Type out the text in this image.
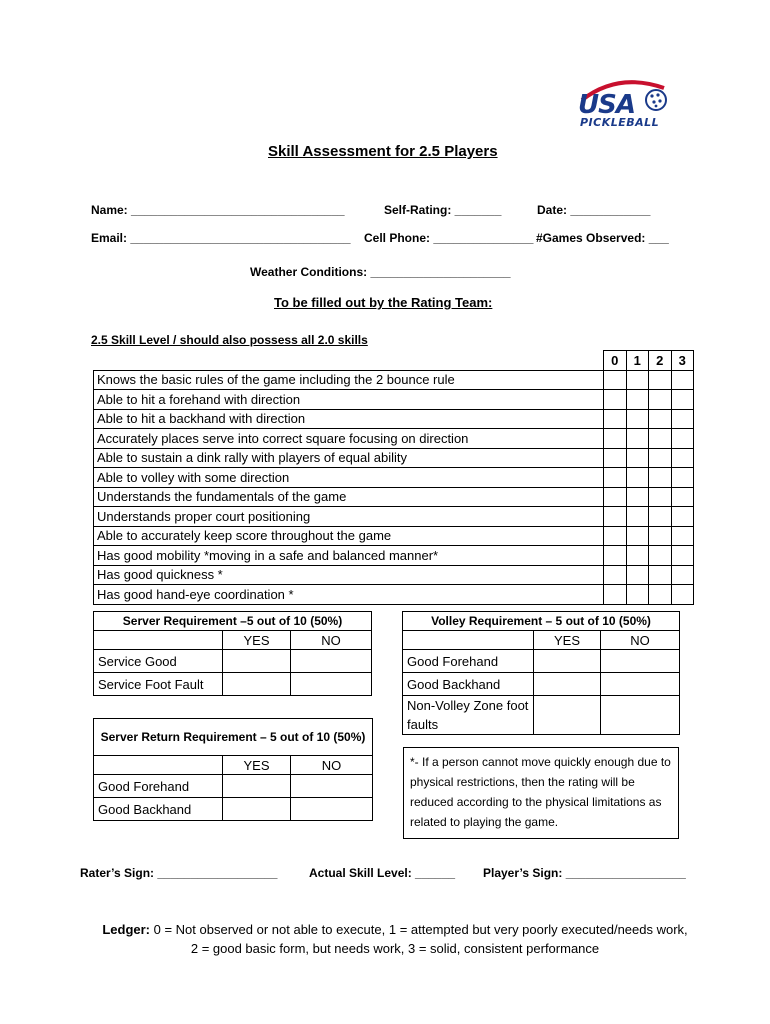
USA
PICKLEBALL
Skill Assessment for 2.5 Players
Name: ________________________________	Self-Rating: _______	Date: ____________
Email: _________________________________ Cell Phone: _______________ #Games Observed: ___
Weather Conditions: _____________________
To be filled out by the Rating Team:
2.5 Skill Level / should also possess all 2.0 skills
	0	1	2	3
Knows the basic rules of the game including the 2 bounce rule				
Able to hit a forehand with direction				
Able to hit a backhand with direction				
Accurately places serve into correct square focusing on direction				
Able to sustain a dink rally with players of equal ability				
Able to volley with some direction				
Understands the fundamentals of the game				
Understands proper court positioning				
Able to accurately keep score throughout the game				
Has good mobility *moving in a safe and balanced manner*				
Has good quickness *				
Has good hand-eye coordination *				
Server Requirement –5 out of 10 (50%)		
	YES	NO
Service Good		
Service Foot Fault		
Volley Requirement – 5 out of 10 (50%)		
	YES	NO
Good Forehand		
Good Backhand		
Non-Volley Zone foot faults		
Server Return Requirement – 5 out of 10 (50%)		
	YES	NO
Good Forehand		
Good Backhand		
*- If a person cannot move quickly enough due to physical restrictions, then the rating will be reduced according to the physical limitations as related to playing the game.
Rater’s Sign: __________________	Actual Skill Level: ______ Player’s Sign: __________________
Ledger: 0 = Not observed or not able to execute, 1 = attempted but very poorly executed/needs work,
2 = good basic form, but needs work, 3 = solid, consistent performance
